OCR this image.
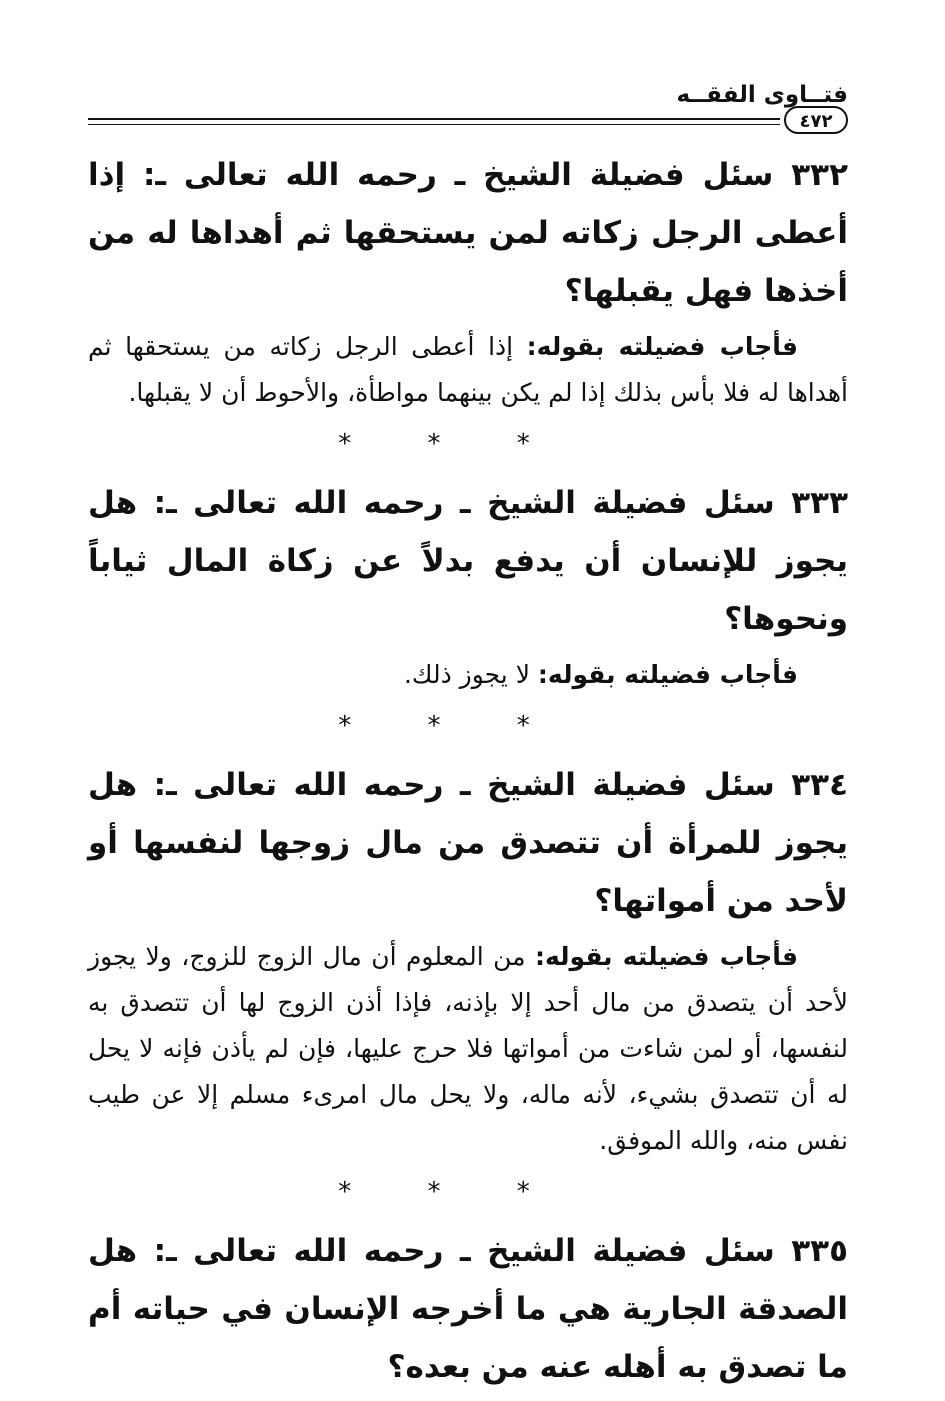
فتــاوى الفقــه
٤٧٢

٣٣٢ سئل فضيلة الشيخ ـ رحمه الله تعالى ـ: إذا أعطى الرجل زكاته لمن يستحقها ثم أهداها له من أخذها فهل يقبلها؟

فأجاب فضيلته بقوله: إذا أعطى الرجل زكاته من يستحقها ثم أهداها له فلا بأس بذلك إذا لم يكن بينهما مواطأة، والأحوط أن لا يقبلها.

* * *

٣٣٣ سئل فضيلة الشيخ ـ رحمه الله تعالى ـ: هل يجوز للإنسان أن يدفع بدلاً عن زكاة المال ثياباً ونحوها؟

فأجاب فضيلته بقوله: لا يجوز ذلك.

* * *

٣٣٤ سئل فضيلة الشيخ ـ رحمه الله تعالى ـ: هل يجوز للمرأة أن تتصدق من مال زوجها لنفسها أو لأحد من أمواتها؟

فأجاب فضيلته بقوله: من المعلوم أن مال الزوج للزوج، ولا يجوز لأحد أن يتصدق من مال أحد إلا بإذنه، فإذا أذن الزوج لها أن تتصدق به لنفسها، أو لمن شاءت من أمواتها فلا حرج عليها، فإن لم يأذن فإنه لا يحل له أن تتصدق بشيء، لأنه ماله، ولا يحل مال امرىء مسلم إلا عن طيب نفس منه، والله الموفق.

* * *

٣٣٥ سئل فضيلة الشيخ ـ رحمه الله تعالى ـ: هل الصدقة الجارية هي ما أخرجه الإنسان في حياته أم ما تصدق به أهله عنه من بعده؟
